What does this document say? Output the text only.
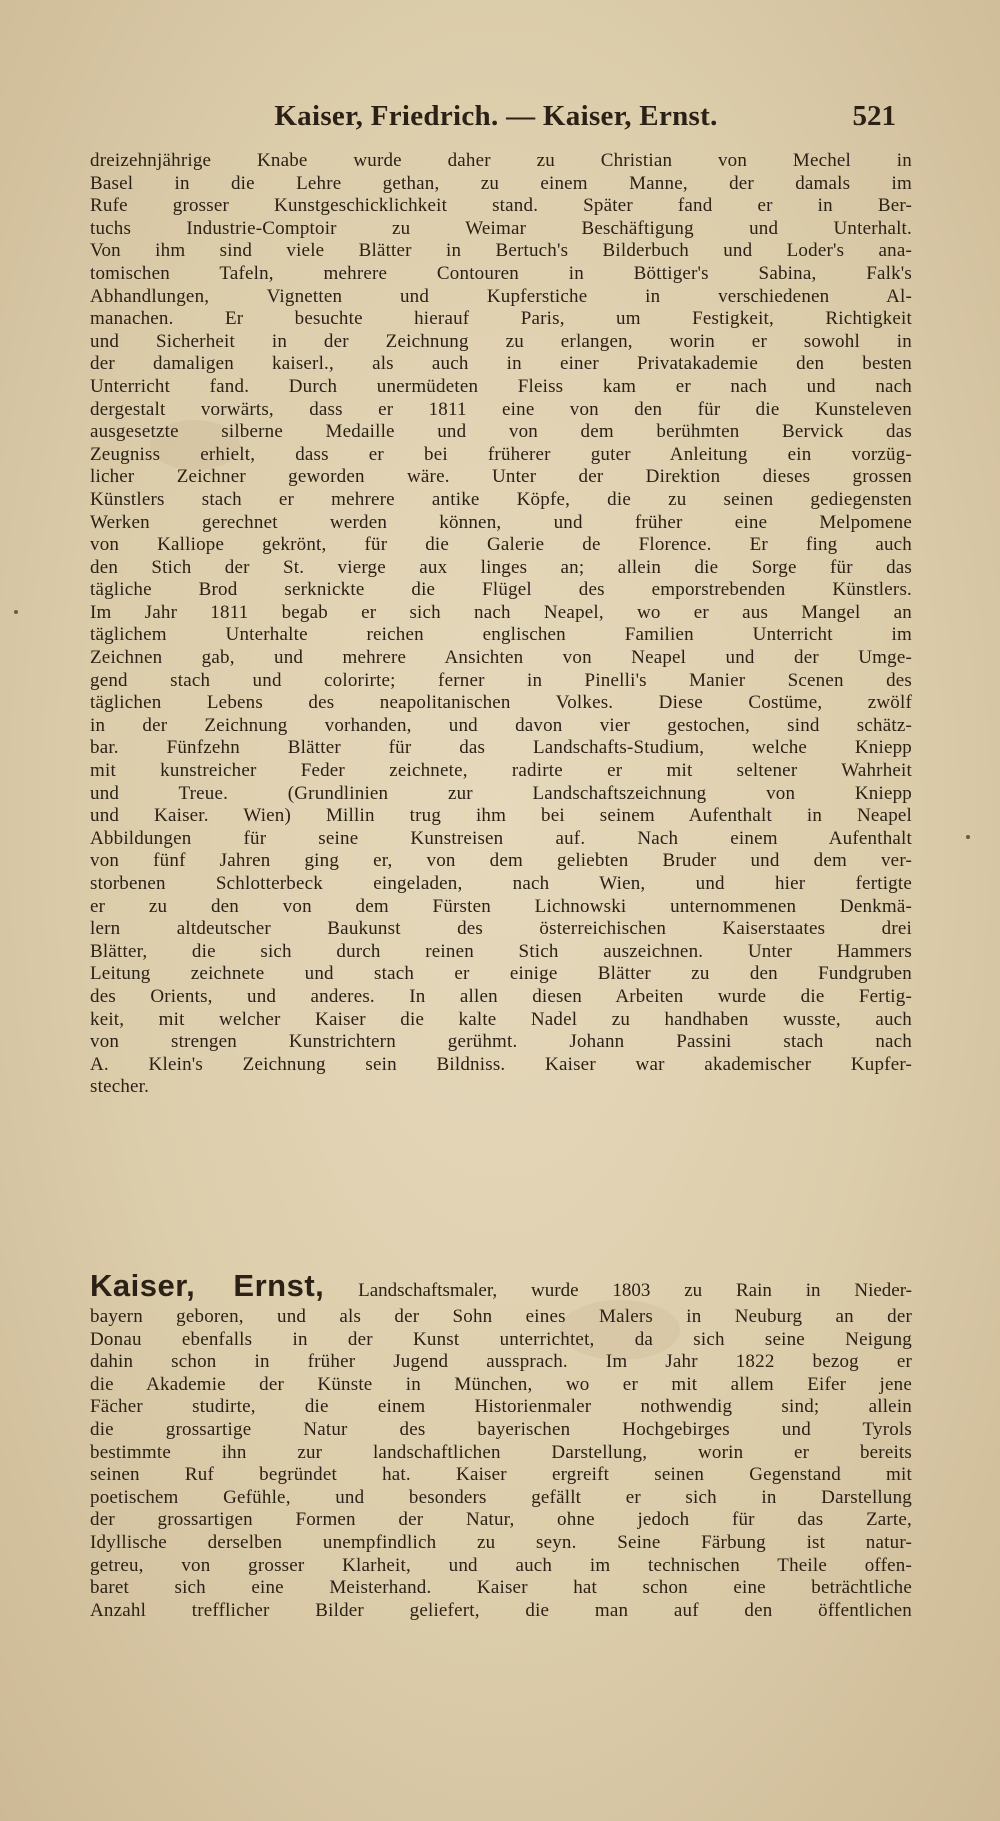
Kaiser, Friedrich. — Kaiser, Ernst.	521
dreizehnjährige Knabe wurde daher zu Christian von Mechel in
Basel in die Lehre gethan, zu einem Manne, der damals im
Rufe grosser Kunstgeschicklichkeit stand. Später fand er in Ber-
tuchs Industrie-Comptoir zu Weimar Beschäftigung und Unterhalt.
Von ihm sind viele Blätter in Bertuch's Bilderbuch und Loder's ana-
tomischen Tafeln, mehrere Contouren in Böttiger's Sabina, Falk's
Abhandlungen, Vignetten und Kupferstiche in verschiedenen Al-
manachen. Er besuchte hierauf Paris, um Festigkeit, Richtigkeit
und Sicherheit in der Zeichnung zu erlangen, worin er sowohl in
der damaligen kaiserl., als auch in einer Privatakademie den besten
Unterricht fand. Durch unermüdeten Fleiss kam er nach und nach
dergestalt vorwärts, dass er 1811 eine von den für die Kunsteleven
ausgesetzte silberne Medaille und von dem berühmten Bervick das
Zeugniss erhielt, dass er bei früherer guter Anleitung ein vorzüg-
licher Zeichner geworden wäre. Unter der Direktion dieses grossen
Künstlers stach er mehrere antike Köpfe, die zu seinen gediegensten
Werken gerechnet werden können, und früher eine Melpomene
von Kalliope gekrönt, für die Galerie de Florence. Er fing auch
den Stich der St. vierge aux linges an; allein die Sorge für das
tägliche Brod serknickte die Flügel des emporstrebenden Künstlers.
Im Jahr 1811 begab er sich nach Neapel, wo er aus Mangel an
täglichem Unterhalte reichen englischen Familien Unterricht im
Zeichnen gab, und mehrere Ansichten von Neapel und der Umge-
gend stach und colorirte; ferner in Pinelli's Manier Scenen des
täglichen Lebens des neapolitanischen Volkes. Diese Costüme, zwölf
in der Zeichnung vorhanden, und davon vier gestochen, sind schätz-
bar. Fünfzehn Blätter für das Landschafts-Studium, welche Kniepp
mit kunstreicher Feder zeichnete, radirte er mit seltener Wahrheit
und Treue. (Grundlinien zur Landschaftszeichnung von Kniepp
und Kaiser. Wien) Millin trug ihm bei seinem Aufenthalt in Neapel
Abbildungen für seine Kunstreisen auf. Nach einem Aufenthalt
von fünf Jahren ging er, von dem geliebten Bruder und dem ver-
storbenen Schlotterbeck eingeladen, nach Wien, und hier fertigte
er zu den von dem Fürsten Lichnowski unternommenen Denkmä-
lern altdeutscher Baukunst des österreichischen Kaiserstaates drei
Blätter, die sich durch reinen Stich auszeichnen. Unter Hammers
Leitung zeichnete und stach er einige Blätter zu den Fundgruben
des Orients, und anderes. In allen diesen Arbeiten wurde die Fertig-
keit, mit welcher Kaiser die kalte Nadel zu handhaben wusste, auch
von strengen Kunstrichtern gerühmt. Johann Passini stach nach
A. Klein's Zeichnung sein Bildniss. Kaiser war akademischer Kupfer-
stecher.
Kaiser, Ernst, Landschaftsmaler, wurde 1803 zu Rain in Nieder-
bayern geboren, und als der Sohn eines Malers in Neuburg an der
Donau ebenfalls in der Kunst unterrichtet, da sich seine Neigung
dahin schon in früher Jugend aussprach. Im Jahr 1822 bezog er
die Akademie der Künste in München, wo er mit allem Eifer jene
Fächer studirte, die einem Historienmaler nothwendig sind; allein
die grossartige Natur des bayerischen Hochgebirges und Tyrols
bestimmte ihn zur landschaftlichen Darstellung, worin er bereits
seinen Ruf begründet hat. Kaiser ergreift seinen Gegenstand mit
poetischem Gefühle, und besonders gefällt er sich in Darstellung
der grossartigen Formen der Natur, ohne jedoch für das Zarte,
Idyllische derselben unempfindlich zu seyn. Seine Färbung ist natur-
getreu, von grosser Klarheit, und auch im technischen Theile offen-
baret sich eine Meisterhand. Kaiser hat schon eine beträchtliche
Anzahl trefflicher Bilder geliefert, die man auf den öffentlichen
